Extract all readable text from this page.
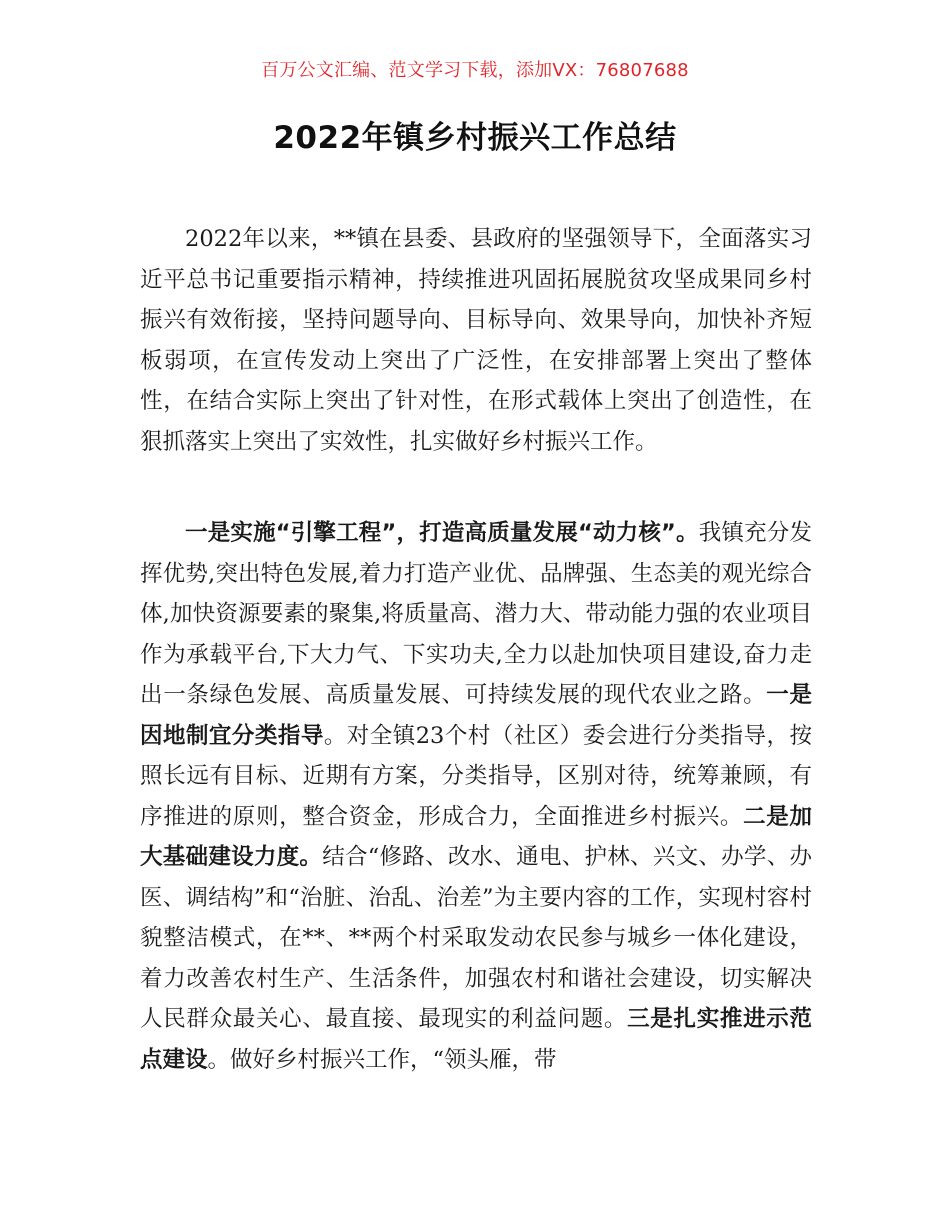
百万公文汇编、范文学习下载，添加VX：76807688
2022年镇乡村振兴工作总结

2022年以来，**镇在县委、县政府的坚强领导下，全面落实习近平总书记重要指示精神，持续推进巩固拓展脱贫攻坚成果同乡村振兴有效衔接，坚持问题导向、目标导向、效果导向，加快补齐短板弱项，在宣传发动上突出了广泛性，在安排部署上突出了整体性，在结合实际上突出了针对性，在形式载体上突出了创造性，在狠抓落实上突出了实效性，扎实做好乡村振兴工作。

一是实施“引擎工程”，打造高质量发展“动力核”。我镇充分发挥优势,突出特色发展,着力打造产业优、品牌强、生态美的观光综合体,加快资源要素的聚集,将质量高、潜力大、带动能力强的农业项目作为承载平台,下大力气、下实功夫,全力以赴加快项目建设,奋力走出一条绿色发展、高质量发展、可持续发展的现代农业之路。一是因地制宜分类指导。对全镇23个村（社区）委会进行分类指导，按照长远有目标、近期有方案，分类指导，区别对待，统筹兼顾，有序推进的原则，整合资金，形成合力，全面推进乡村振兴。二是加大基础建设力度。结合“修路、改水、通电、护林、兴文、办学、办医、调结构”和“治脏、治乱、治差”为主要内容的工作，实现村容村貌整洁模式，在**、**两个村采取发动农民参与城乡一体化建设，着力改善农村生产、生活条件，加强农村和谐社会建设，切实解决人民群众最关心、最直接、最现实的利益问题。三是扎实推进示范点建设。做好乡村振兴工作，“领头雁，带
